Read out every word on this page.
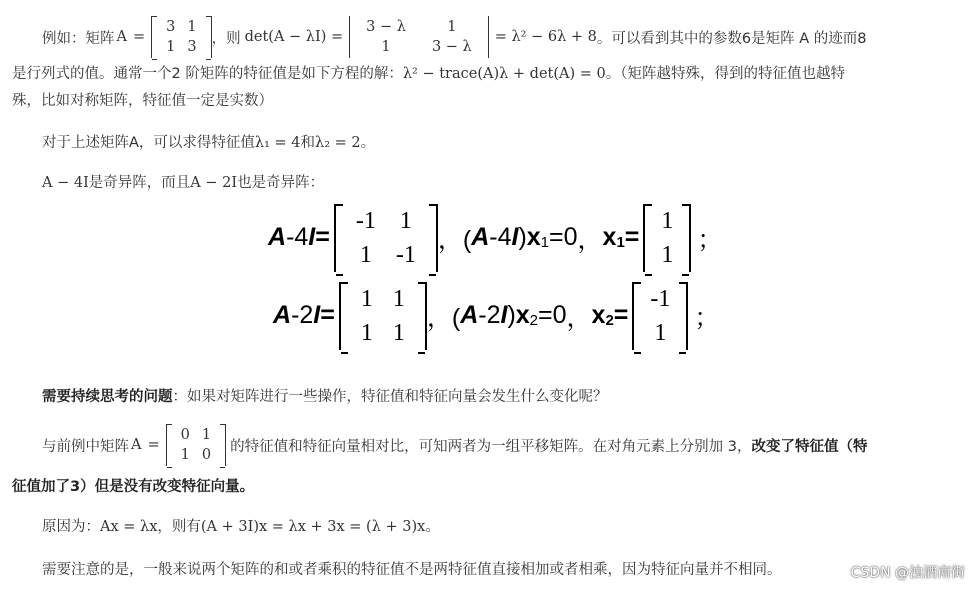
例如：矩阵 A =
3	1
1	3
，则 det(A − λI) =
3 − λ	1
1	3 − λ
= λ² − 6λ + 8 。可以看到其中的参数6是矩阵 A 的迹而8
是行列式的值。通常一个2 阶矩阵的特征值是如下方程的解：λ² − trace(A)λ + det(A) = 0。（矩阵越特殊，得到的特征值也越特
殊，比如对称矩阵，特征值一定是实数）
对于上述矩阵A，可以求得特征值λ₁ = 4和λ₂ = 2。
A − 4I是奇异阵，而且A − 2I也是奇异阵：
A -4 I =
-1	1
1	-1
，( A -4 I ) x 1 =0 ， x 1 =
1
1
；
A -2 I =
1	1
1	1
，( A -2 I ) x 2 =0 ， x 2 =
-1
1
；
需要持续思考的问题：如果对矩阵进行一些操作，特征值和特征向量会发生什么变化呢？
与前例中矩阵 A =
0	1
1	0
的特征值和特征向量相对比，可知两者为一组平移矩阵。在对角元素上分别加 3， 改变了特征值（特
征值加了3）但是没有改变特征向量。
原因为：Ax = λx，则有(A + 3I)x = λx + 3x = (λ + 3)x。
需要注意的是，一般来说两个矩阵的和或者乘积的特征值不是两特征值直接相加或者相乘，因为特征向量并不相同。	CSDN @浊酒南街
